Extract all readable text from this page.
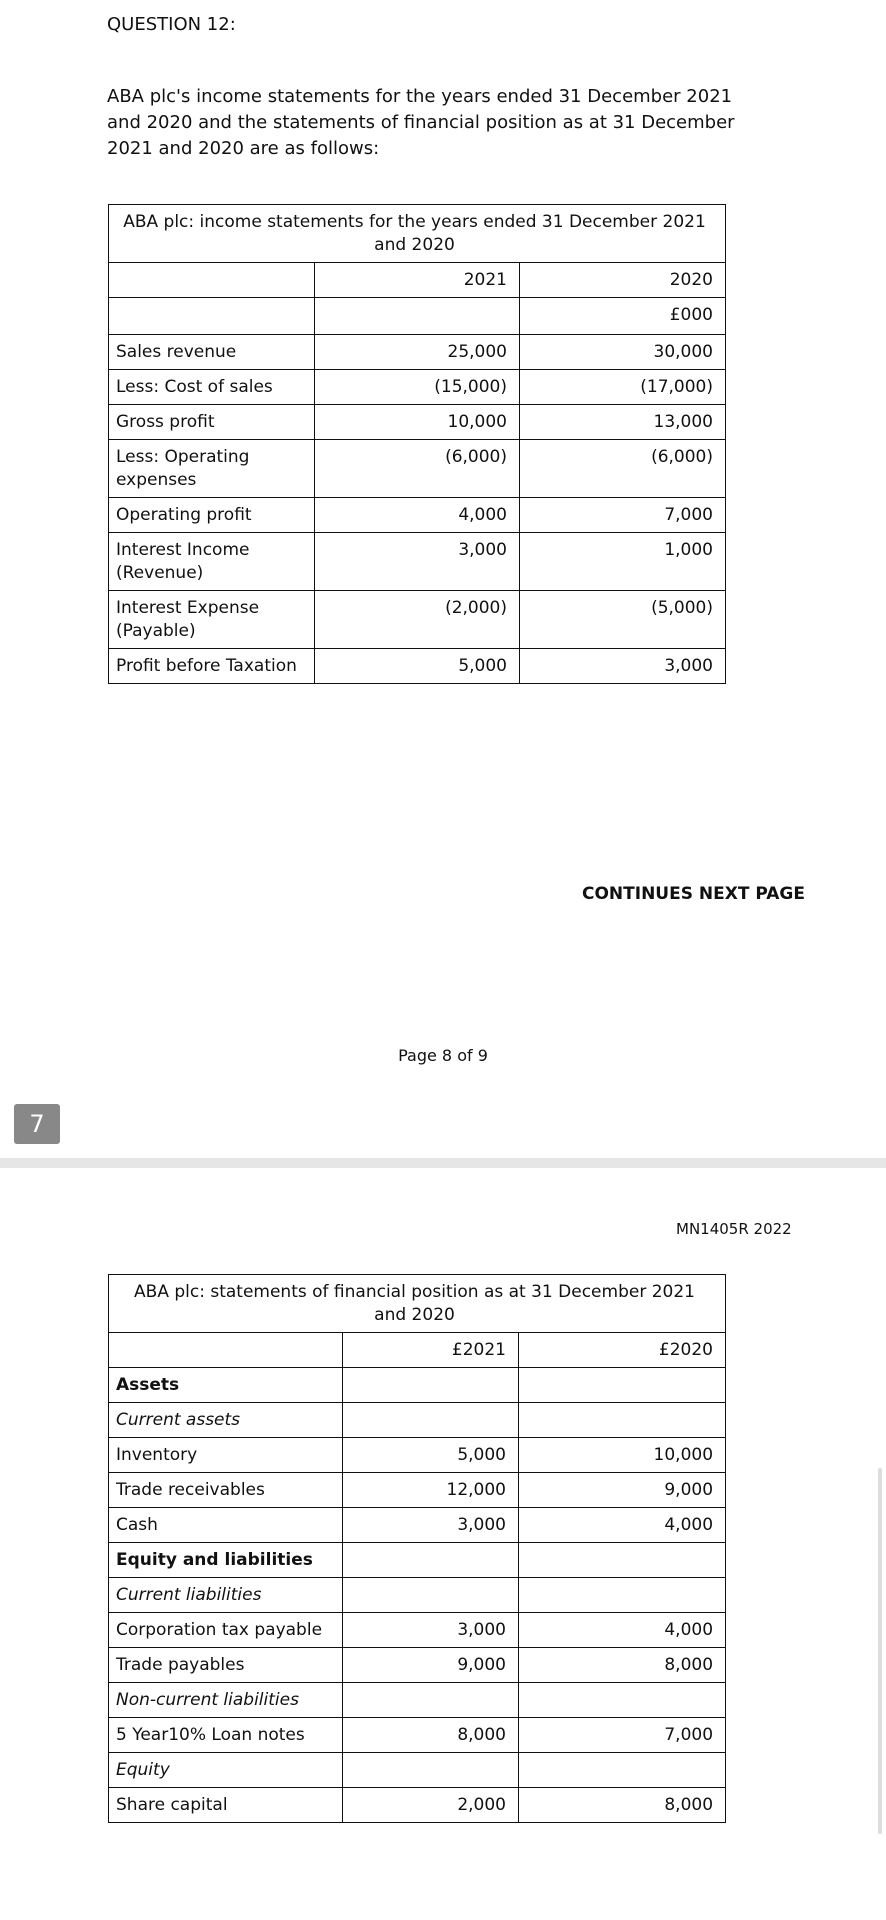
QUESTION 12:
ABA plc's income statements for the years ended 31 December 2021 and 2020 and the statements of financial position as at 31 December 2021 and 2020 are as follows:
ABA plc: income statements for the years ended 31 December 2021 and 2020		
	2021	2020
		£000
Sales revenue	25,000	30,000
Less: Cost of sales	(15,000)	(17,000)
Gross profit	10,000	13,000
Less: Operating expenses	(6,000)	(6,000)
Operating profit	4,000	7,000
Interest Income (Revenue)	3,000	1,000
Interest Expense (Payable)	(2,000)	(5,000)
Profit before Taxation	5,000	3,000
CONTINUES NEXT PAGE
Page 8 of 9
7
MN1405R 2022
ABA plc: statements of financial position as at 31 December 2021 and 2020		
	£2021	£2020
Assets		
Current assets		
Inventory	5,000	10,000
Trade receivables	12,000	9,000
Cash	3,000	4,000
Equity and liabilities		
Current liabilities		
Corporation tax payable	3,000	4,000
Trade payables	9,000	8,000
Non-current liabilities		
5 Year10% Loan notes	8,000	7,000
Equity		
Share capital	2,000	8,000
